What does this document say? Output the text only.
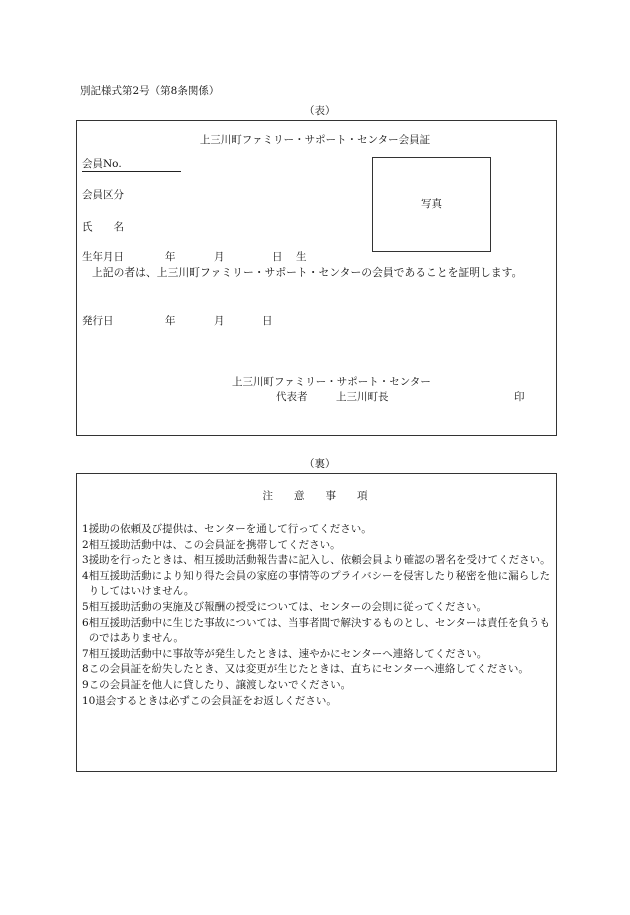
別記様式第2号（第8条関係）
（表）
上三川町ファミリー・サポート・センター会員証
会員No.
会員区分
氏　　名
写真
生年月日	年	月	日 生
上記の者は、上三川町ファミリー・サポート・センターの会員であることを証明します。
発行日	年	月	日
上三川町ファミリー・サポート・センター
代表者	上三川町長	印
（裏）
注　　意　　事　　項
1 援助の依頼及び提供は、センターを通して行ってください。
2 相互援助活動中は、この会員証を携帯してください。
3 援助を行ったときは、相互援助活動報告書に記入し、依頼会員より確認の署名を受けてください。
4 相互援助活動により知り得た会員の家庭の事情等のプライバシーを侵害したり秘密を他に漏らしたりしてはいけません。
5 相互援助活動の実施及び報酬の授受については、センターの会則に従ってください。
6 相互援助活動中に生じた事故については、当事者間で解決するものとし、センターは責任を負うものではありません。
7 相互援助活動中に事故等が発生したときは、速やかにセンターへ連絡してください。
8 この会員証を紛失したとき、又は変更が生じたときは、直ちにセンターへ連絡してください。
9 この会員証を他人に貸したり、譲渡しないでください。
10 退会するときは必ずこの会員証をお返しください。
